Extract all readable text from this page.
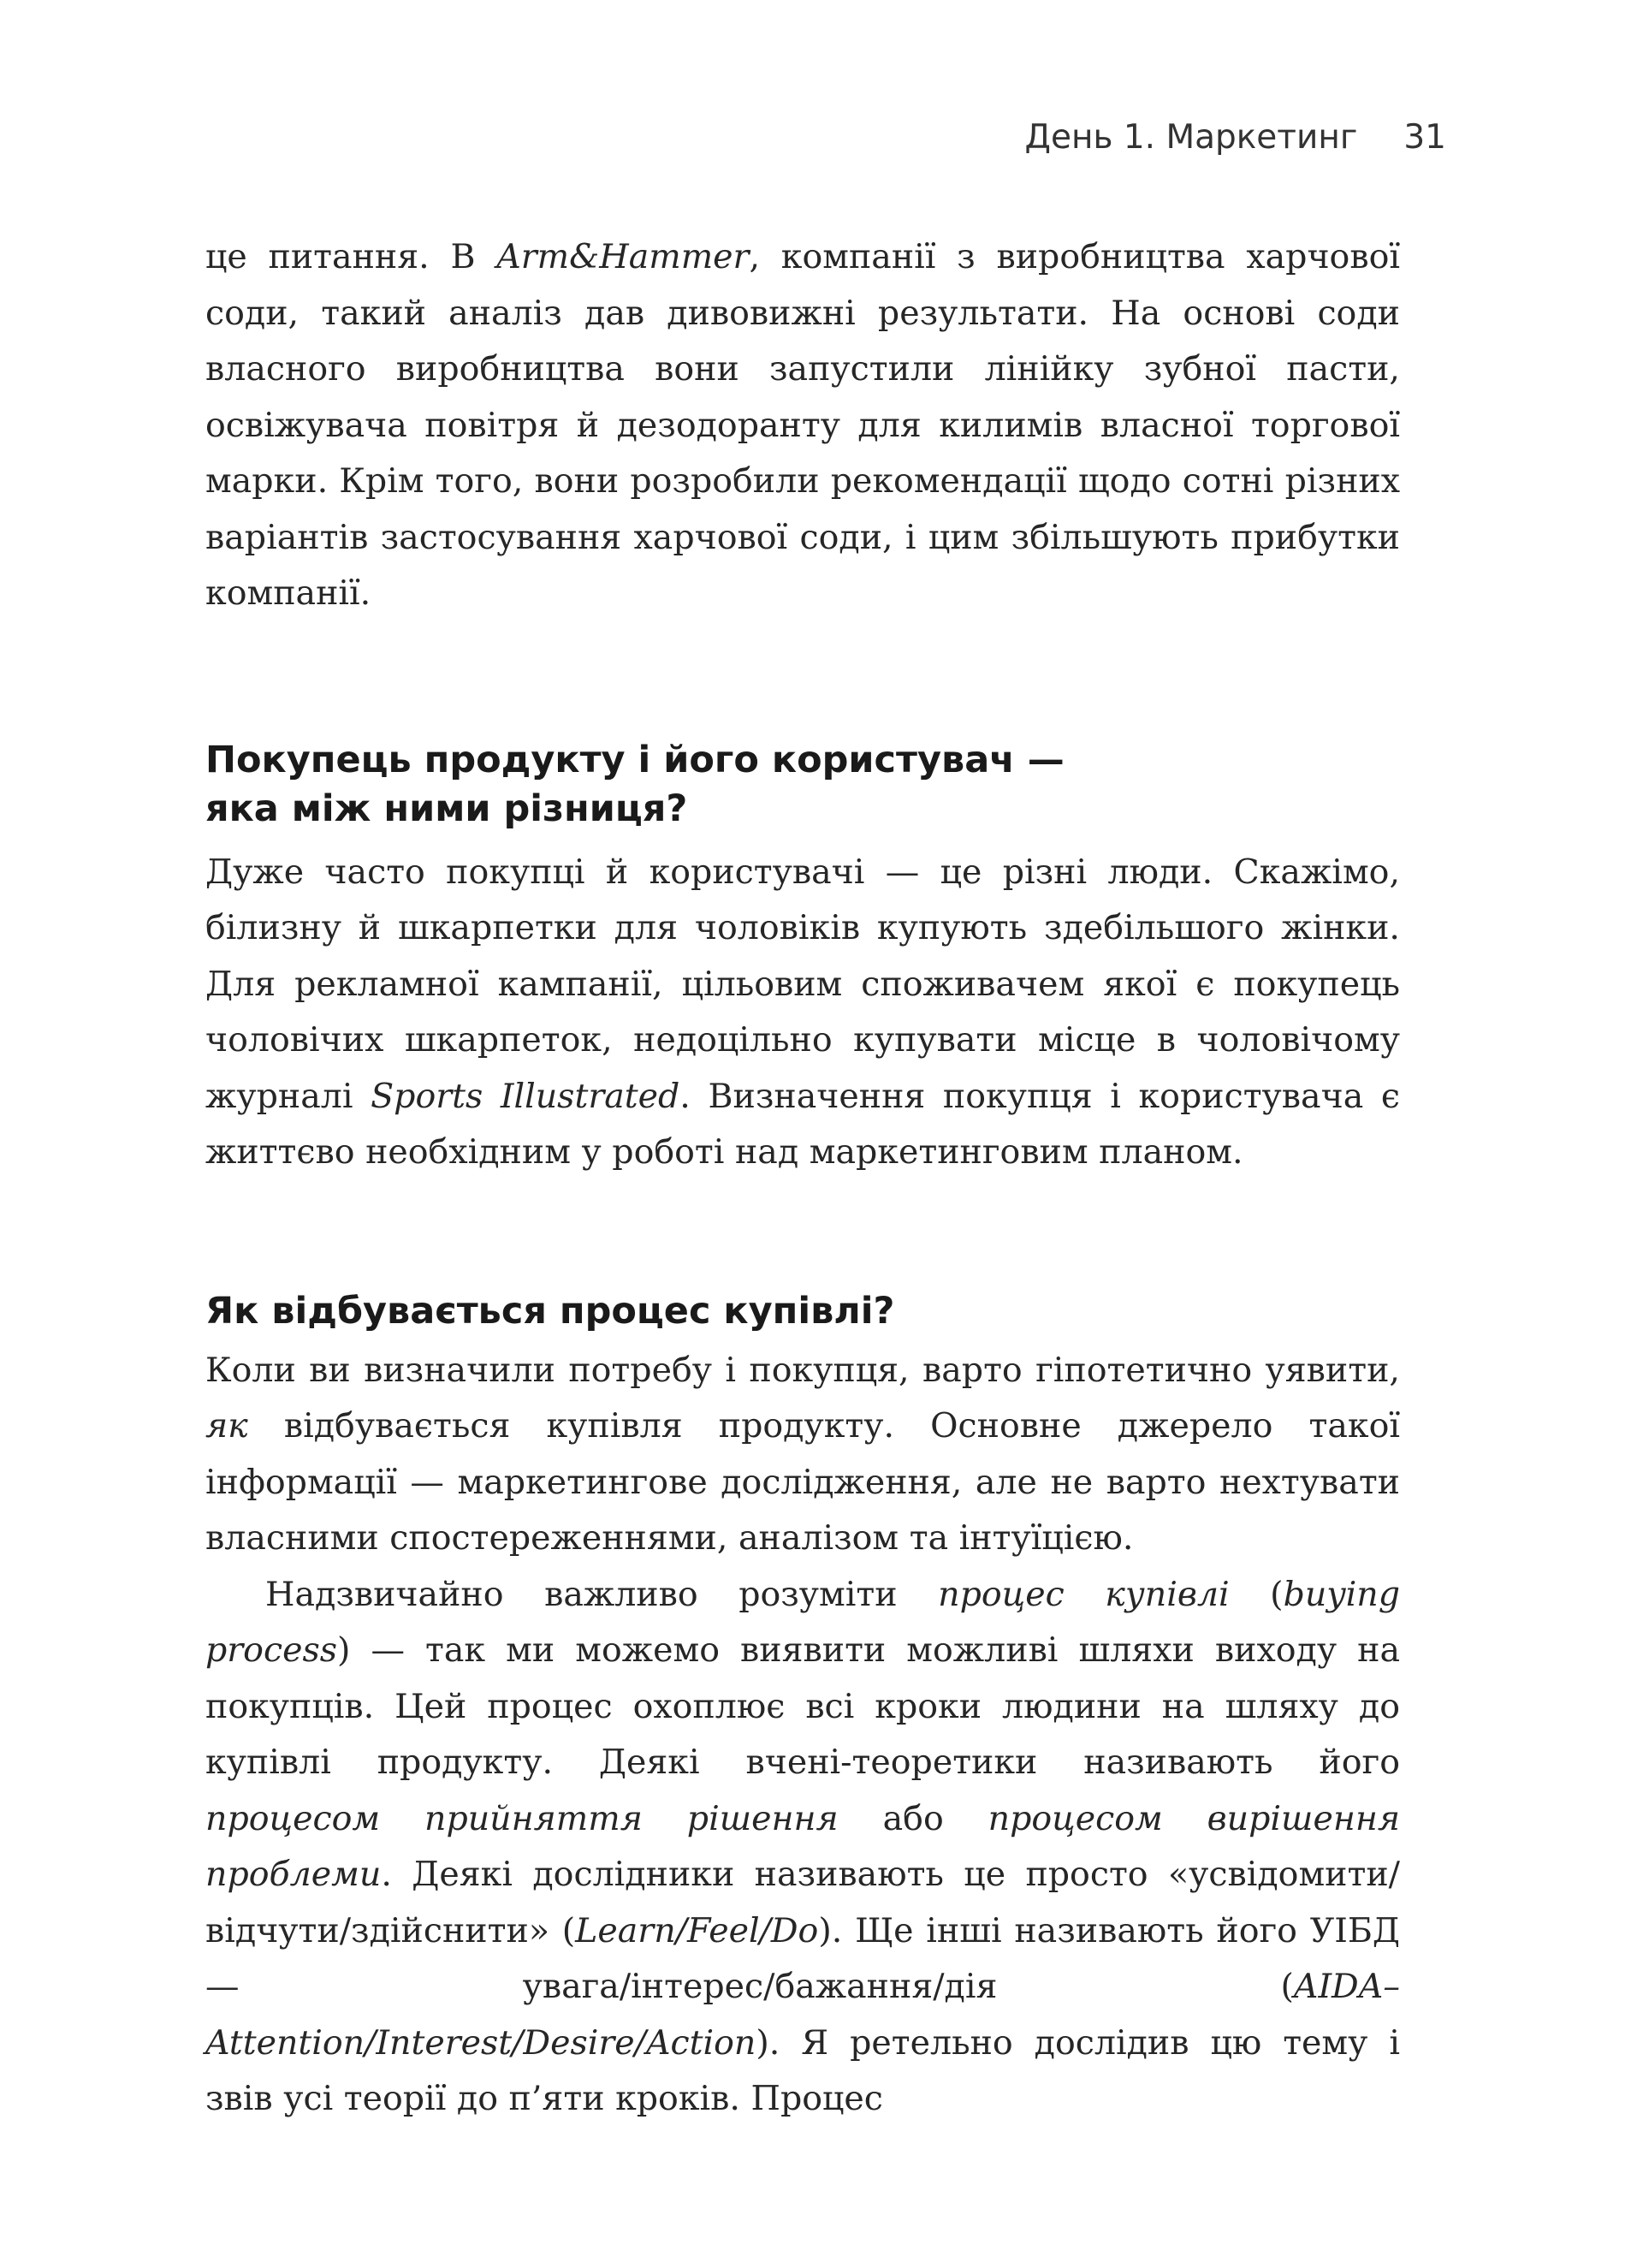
День 1. Маркетинг 31

це питання. В Arm&Hammer, компанії з виробництва харчової соди, такий аналіз дав дивовижні результати. На основі соди власного виробництва вони запустили лінійку зубної пасти, освіжувача повітря й дезодоранту для килимів власної торгової марки. Крім того, вони розробили рекомендації щодо сотні різних варіантів застосування харчової соди, і цим збільшують прибутки компанії.

Покупець продукту і його користувач —
яка між ними різниця?

Дуже часто покупці й користувачі — це різні люди. Скажімо, білизну й шкарпетки для чоловіків купують здебільшого жінки. Для рекламної кампанії, цільовим споживачем якої є покупець чоловічих шкарпеток, недоцільно купувати місце в чоловічому журналі Sports Illustrated. Визначення покупця і користувача є життєво необхідним у роботі над маркетинговим планом.

Як відбувається процес купівлі?

Коли ви визначили потребу і покупця, варто гіпотетично уявити, як відбувається купівля продукту. Основне джерело такої інформації — маркетингове дослідження, але не варто нехтувати власними спостереженнями, аналізом та інтуїцією.

Надзвичайно важливо розуміти процес купівлі (buying process) — так ми можемо виявити можливі шляхи виходу на покупців. Цей процес охоплює всі кроки людини на шляху до купівлі продукту. Деякі вчені-теоретики називають його процесом прийняття рішення або процесом вирішення проблеми. Деякі дослідники називають це просто «усвідомити/відчути/здійснити» (Learn/Feel/Do). Ще інші називають його УІБД — увага/інтерес/бажання/дія (AIDA–Attention/Interest/Desire/Action). Я ретельно дослідив цю тему і звів усі теорії до п’яти кроків. Процес
